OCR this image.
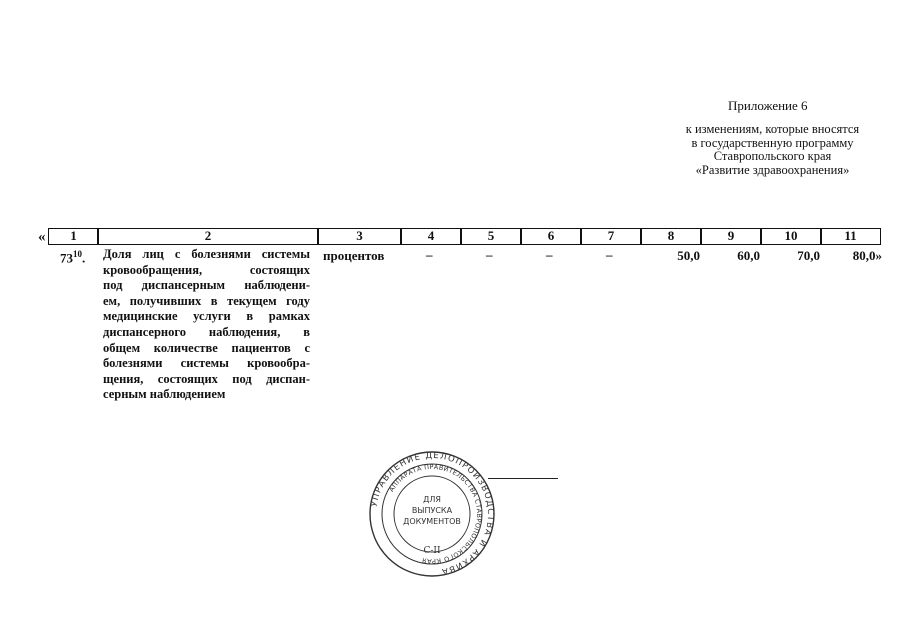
Приложение 6
к изменениям, которые вносятся
в государственную программу
Ставропольского края
«Развитие здравоохранения»
«	1	2	3	4	5	6	7	8	9	10	11
$73^{10}$. Доля лиц с болезнями системы
кровообращения, состоящих
под диспансерным наблюдени-
ем, получивших в текущем году
медицинские услуги в рамках
диспансерного наблюдения, в
общем количестве пациентов с
болезнями системы кровообра-
щения, состоящих под диспан-
серным наблюдением
процентов	–	–	–	–	50,0	60,0	70,0	80,0»
УПРАВЛЕНИЕ ДЕЛОПРОИЗВОДСТВА И АРХИВА
АППАРАТА ПРАВИТЕЛЬСТВА СТАВРОПОЛЬСКОГО КРАЯ
ДЛЯ
ВЫПУСКА
ДОКУМЕНТОВ
С-II
